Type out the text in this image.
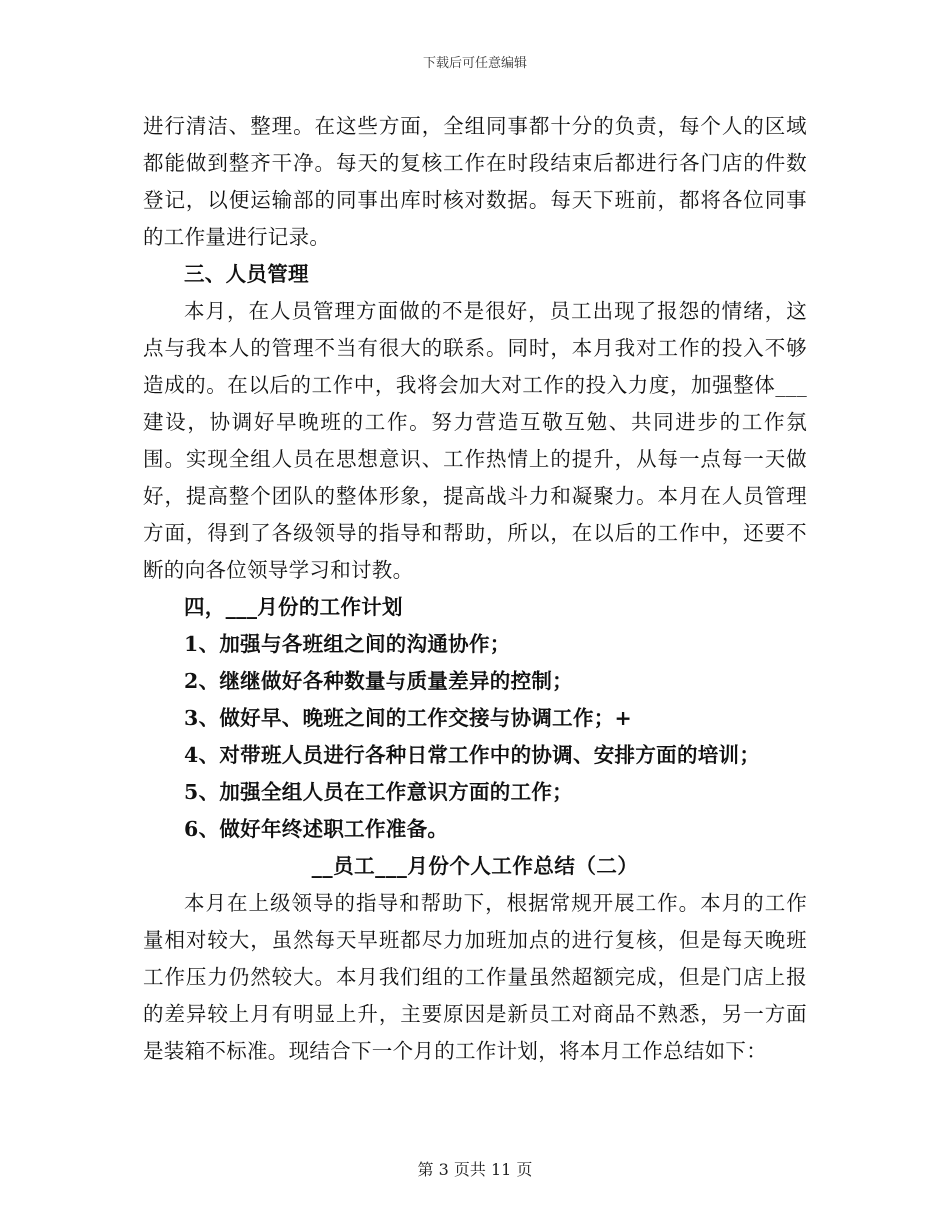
下载后可任意编辑

进行清洁、整理。在这些方面，全组同事都十分的负责，每个人的区域都能做到整齐干净。每天的复核工作在时段结束后都进行各门店的件数登记，以便运输部的同事出库时核对数据。每天下班前，都将各位同事的工作量进行记录。

三、人员管理

本月，在人员管理方面做的不是很好，员工出现了报怨的情绪，这点与我本人的管理不当有很大的联系。同时，本月我对工作的投入不够造成的。在以后的工作中，我将会加大对工作的投入力度，加强整体___建设，协调好早晚班的工作。努力营造互敬互勉、共同进步的工作氛围。实现全组人员在思想意识、工作热情上的提升，从每一点每一天做好，提高整个团队的整体形象，提高战斗力和凝聚力。本月在人员管理方面，得到了各级领导的指导和帮助，所以，在以后的工作中，还要不断的向各位领导学习和讨教。

四，___月份的工作计划

1、加强与各班组之间的沟通协作；
2、继继做好各种数量与质量差异的控制；
3、做好早、晚班之间的工作交接与协调工作；+
4、对带班人员进行各种日常工作中的协调、安排方面的培训；
5、加强全组人员在工作意识方面的工作；
6、做好年终述职工作准备。

__员工___月份个人工作总结（二）

本月在上级领导的指导和帮助下，根据常规开展工作。本月的工作量相对较大，虽然每天早班都尽力加班加点的进行复核，但是每天晚班工作压力仍然较大。本月我们组的工作量虽然超额完成，但是门店上报的差异较上月有明显上升，主要原因是新员工对商品不熟悉，另一方面是装箱不标准。现结合下一个月的工作计划，将本月工作总结如下：

第 3 页共 11 页
